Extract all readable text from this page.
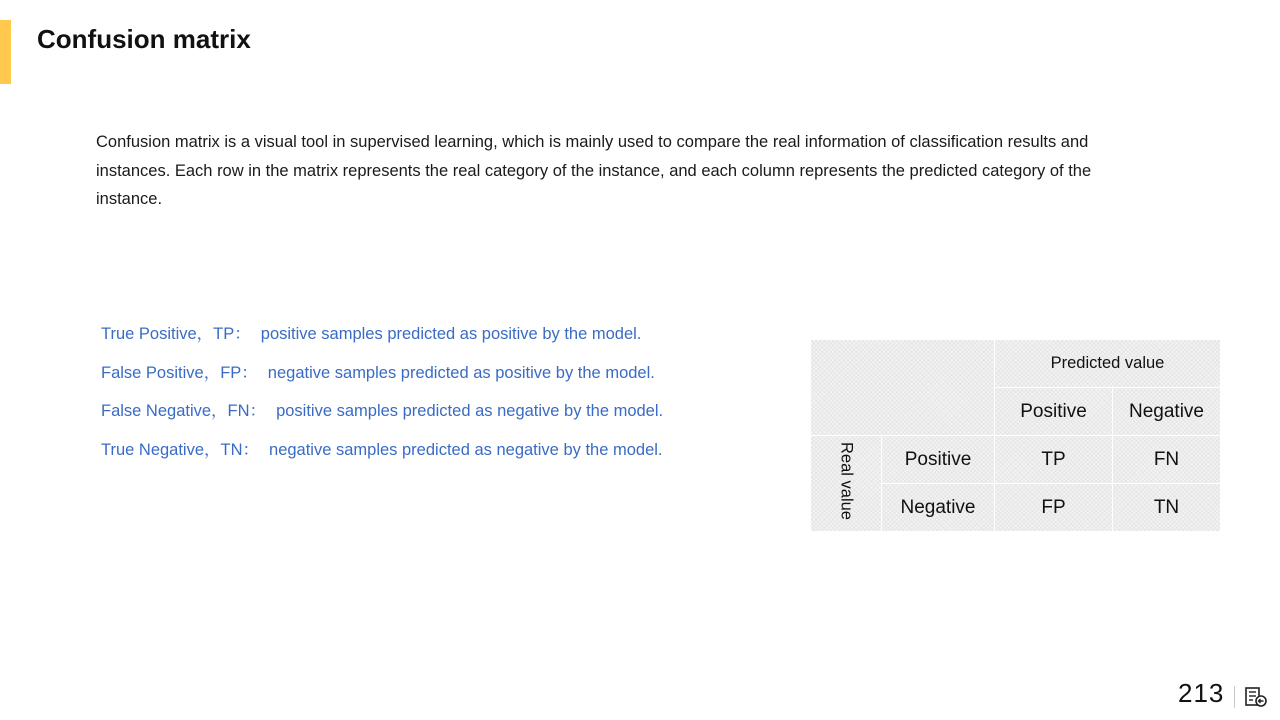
Confusion matrix

Confusion matrix is a visual tool in supervised learning, which is mainly used to compare the real information of classification results and instances. Each row in the matrix represents the real category of the instance, and each column represents the predicted category of the instance.

True Positive，TP： positive samples predicted as positive by the model.
False Positive，FP： negative samples predicted as positive by the model.
False Negative，FN： positive samples predicted as negative by the model.
True Negative，TN： negative samples predicted as negative by the model.
		Predicted value	
		Positive	Negative
Real value	Positive	TP	FN
	Negative	FP	TN
213
